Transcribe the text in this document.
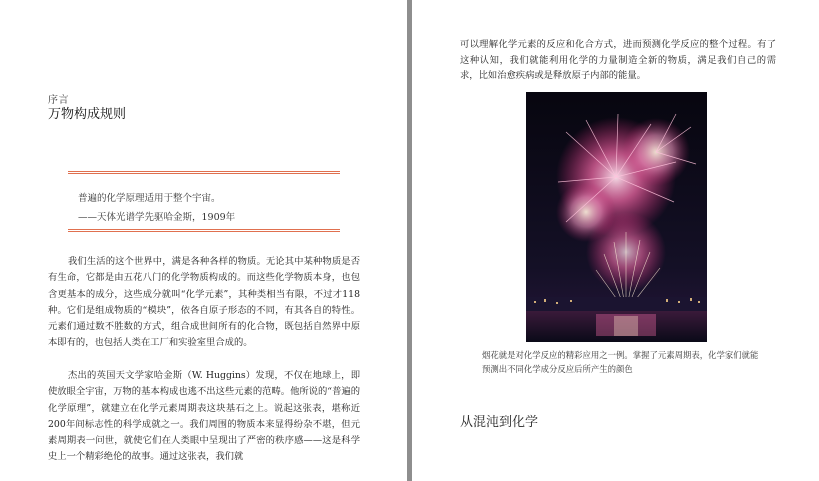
序言
万物构成规则
普遍的化学原理适用于整个宇宙。
——天体光谱学先驱哈金斯，1909年

我们生活的这个世界中，满是各种各样的物质。无论其中某种物质是否有生命，它都是由五花八门的化学物质构成的。而这些化学物质本身，也包含更基本的成分，这些成分就叫“化学元素”，其种类相当有限，不过才118种。它们是组成物质的“模块”，依各自原子形态的不同，有其各自的特性。元素们通过数不胜数的方式，组合成世间所有的化合物，既包括自然界中原本即有的，也包括人类在工厂和实验室里合成的。

杰出的英国天文学家哈金斯（W. Huggins）发现，不仅在地球上，即使放眼全宇宙，万物的基本构成也逃不出这些元素的范畴。他所说的“普遍的化学原理”，就建立在化学元素周期表这块基石之上。说起这张表，堪称近200年间标志性的科学成就之一。我们周围的物质本来显得纷杂不堪，但元素周期表一问世，就使它们在人类眼中呈现出了严密的秩序感——这是科学史上一个精彩绝伦的故事。通过这张表，我们就

可以理解化学元素的反应和化合方式，进而预测化学反应的整个过程。有了这种认知，我们就能利用化学的力量制造全新的物质，满足我们自己的需求，比如治愈疾病或是释放原子内部的能量。

烟花就是对化学反应的精彩应用之一例。掌握了元素周期表，化学家们就能预测出不同化学成分反应后所产生的颜色

从混沌到化学
